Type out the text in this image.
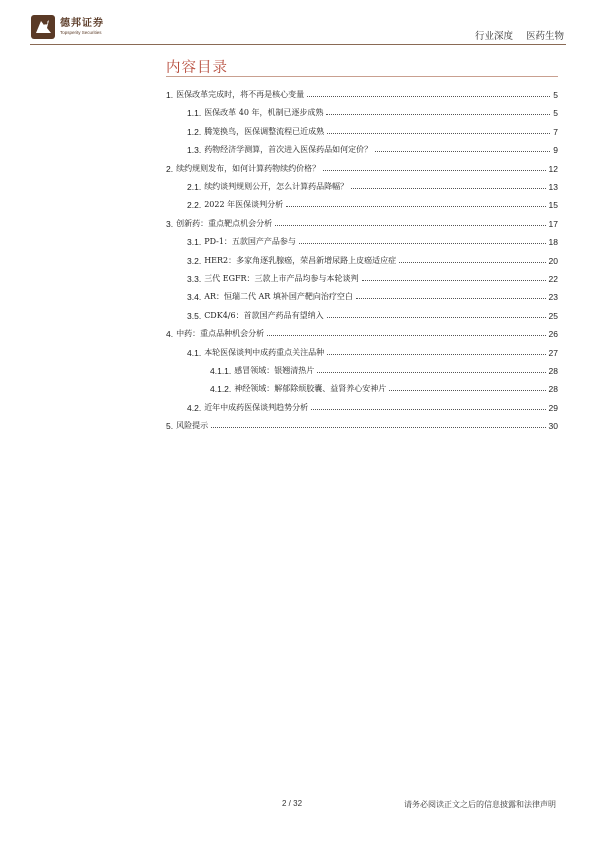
德邦证券
Topsperity Securities	行业深度 医药生物
内容目录
1. 医保改革完成时，将不再是核心变量	5
1.1. 医保改革 40 年，机制已逐步成熟	5
1.2. 腾笼换鸟，医保调整流程已近成熟	7
1.3. 药物经济学测算，首次进入医保药品如何定价？	9
2. 续约规则发布，如何计算药物续约价格？	12
2.1. 续约谈判规则公开，怎么计算药品降幅？	13
2.2. 2022 年医保谈判分析	15
3. 创新药：重点靶点机会分析	17
3.1. PD-1：五款国产产品参与	18
3.2. HER2：多家角逐乳腺癌，荣昌新增尿路上皮癌适应症	20
3.3. 三代 EGFR：三款上市产品均参与本轮谈判	22
3.4. AR：恒瑞二代 AR 填补国产靶向治疗空白	23
3.5. CDK4/6：首款国产药品有望纳入	25
4. 中药：重点品种机会分析	26
4.1. 本轮医保谈判中成药重点关注品种	27
4.1.1. 感冒领域：银翘清热片	28
4.1.2. 神经领域：解郁除烦胶囊、益肾养心安神片	28
4.2. 近年中成药医保谈判趋势分析	29
5. 风险提示	30
2 / 32	请务必阅读正文之后的信息披露和法律声明
